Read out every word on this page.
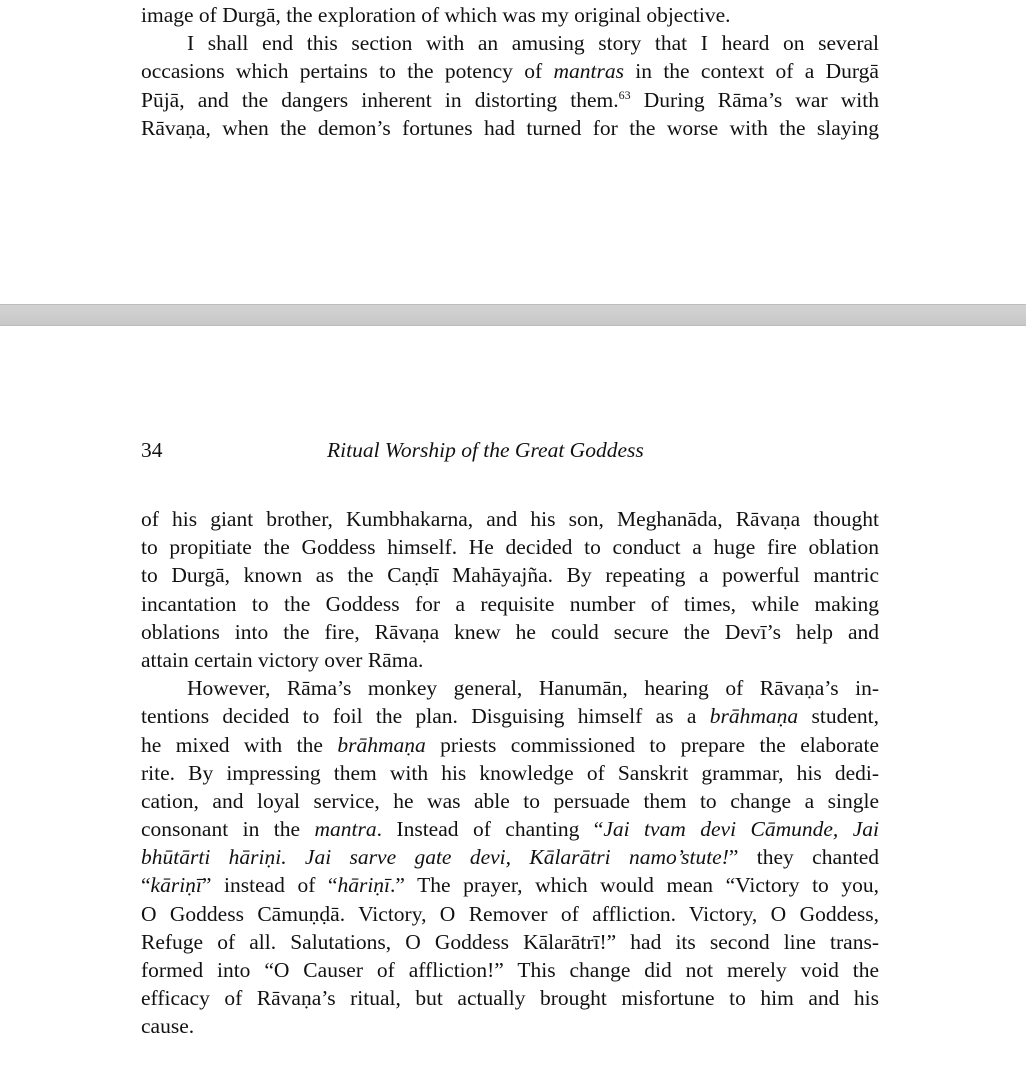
image of Durgā, the exploration of which was my original objective.
I shall end this section with an amusing story that I heard on several
occasions which pertains to the potency of mantras in the context of a Durgā
Pūjā, and the dangers inherent in distorting them.$^{63}$ During Rāma’s war with
Rāvaṇa, when the demon’s fortunes had turned for the worse with the slaying
34	Ritual Worship of the Great Goddess
of his giant brother, Kumbhakarna, and his son, Meghanāda, Rāvaṇa thought
to propitiate the Goddess himself. He decided to conduct a huge fire oblation
to Durgā, known as the Caṇḍī Mahāyajña. By repeating a powerful mantric
incantation to the Goddess for a requisite number of times, while making
oblations into the fire, Rāvaṇa knew he could secure the Devī’s help and
attain certain victory over Rāma.
However, Rāma’s monkey general, Hanumān, hearing of Rāvaṇa’s in-
tentions decided to foil the plan. Disguising himself as a brāhmaṇa student,
he mixed with the brāhmaṇa priests commissioned to prepare the elaborate
rite. By impressing them with his knowledge of Sanskrit grammar, his dedi-
cation, and loyal service, he was able to persuade them to change a single
consonant in the mantra. Instead of chanting “Jai tvam devi Cāmunde, Jai
bhūtārti hāriṇi. Jai sarve gate devi, Kālarātri namo’stute!” they chanted
“kāriṇī” instead of “hāriṇī.” The prayer, which would mean “Victory to you,
O Goddess Cāmuṇḍā. Victory, O Remover of affliction. Victory, O Goddess,
Refuge of all. Salutations, O Goddess Kālarātrī!” had its second line trans-
formed into “O Causer of affliction!” This change did not merely void the
efficacy of Rāvaṇa’s ritual, but actually brought misfortune to him and his
cause.
